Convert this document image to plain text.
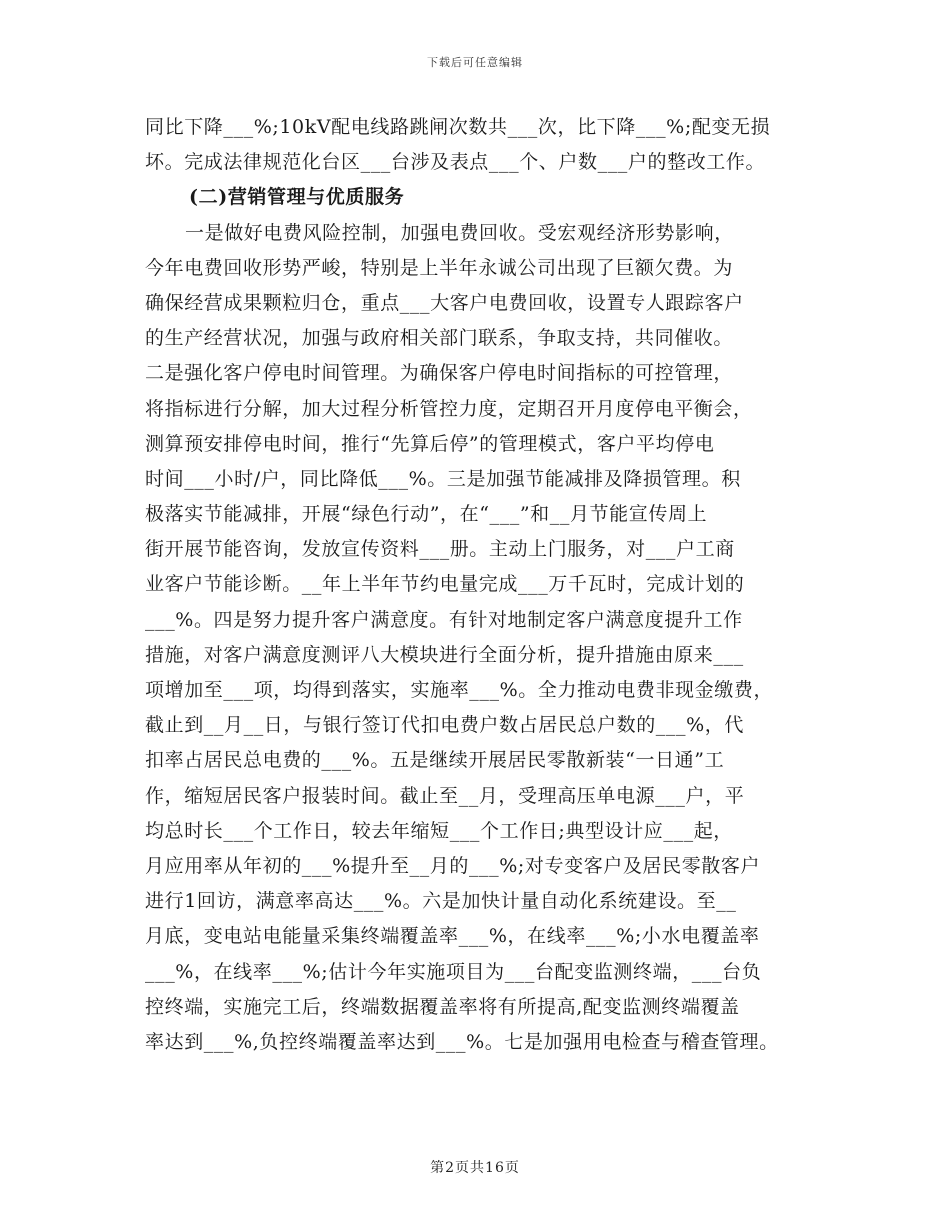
下载后可任意编辑
同比下降___%;10kV配电线路跳闸次数共___次，比下降___%;配变无损
坏。完成法律规范化台区___台涉及表点___个、户数___户的整改工作。
(二)营销管理与优质服务
一是做好电费风险控制，加强电费回收。受宏观经济形势影响，
今年电费回收形势严峻，特别是上半年永诚公司出现了巨额欠费。为
确保经营成果颗粒归仓，重点___大客户电费回收，设置专人跟踪客户
的生产经营状况，加强与政府相关部门联系，争取支持，共同催收。
二是强化客户停电时间管理。为确保客户停电时间指标的可控管理，
将指标进行分解，加大过程分析管控力度，定期召开月度停电平衡会，
测算预安排停电时间，推行“先算后停”的管理模式，客户平均停电
时间___小时/户，同比降低___%。三是加强节能减排及降损管理。积
极落实节能减排，开展“绿色行动”，在“___”和__月节能宣传周上
街开展节能咨询，发放宣传资料___册。主动上门服务，对___户工商
业客户节能诊断。__年上半年节约电量完成___万千瓦时，完成计划的
___%。四是努力提升客户满意度。有针对地制定客户满意度提升工作
措施，对客户满意度测评八大模块进行全面分析，提升措施由原来___
项增加至___项，均得到落实，实施率___%。全力推动电费非现金缴费，
截止到__月__日，与银行签订代扣电费户数占居民总户数的___%，代
扣率占居民总电费的___%。五是继续开展居民零散新装“一日通”工
作，缩短居民客户报装时间。截止至__月，受理高压单电源___户，平
均总时长___个工作日，较去年缩短___个工作日;典型设计应___起，
月应用率从年初的___%提升至__月的___%;对专变客户及居民零散客户
进行1回访，满意率高达___%。六是加快计量自动化系统建设。至__
月底，变电站电能量采集终端覆盖率___%，在线率___%;小水电覆盖率
___%，在线率___%;估计今年实施项目为___台配变监测终端，___台负
控终端，实施完工后，终端数据覆盖率将有所提高,配变监测终端覆盖
率达到___%,负控终端覆盖率达到___%。七是加强用电检查与稽查管理。
第2页共16页
